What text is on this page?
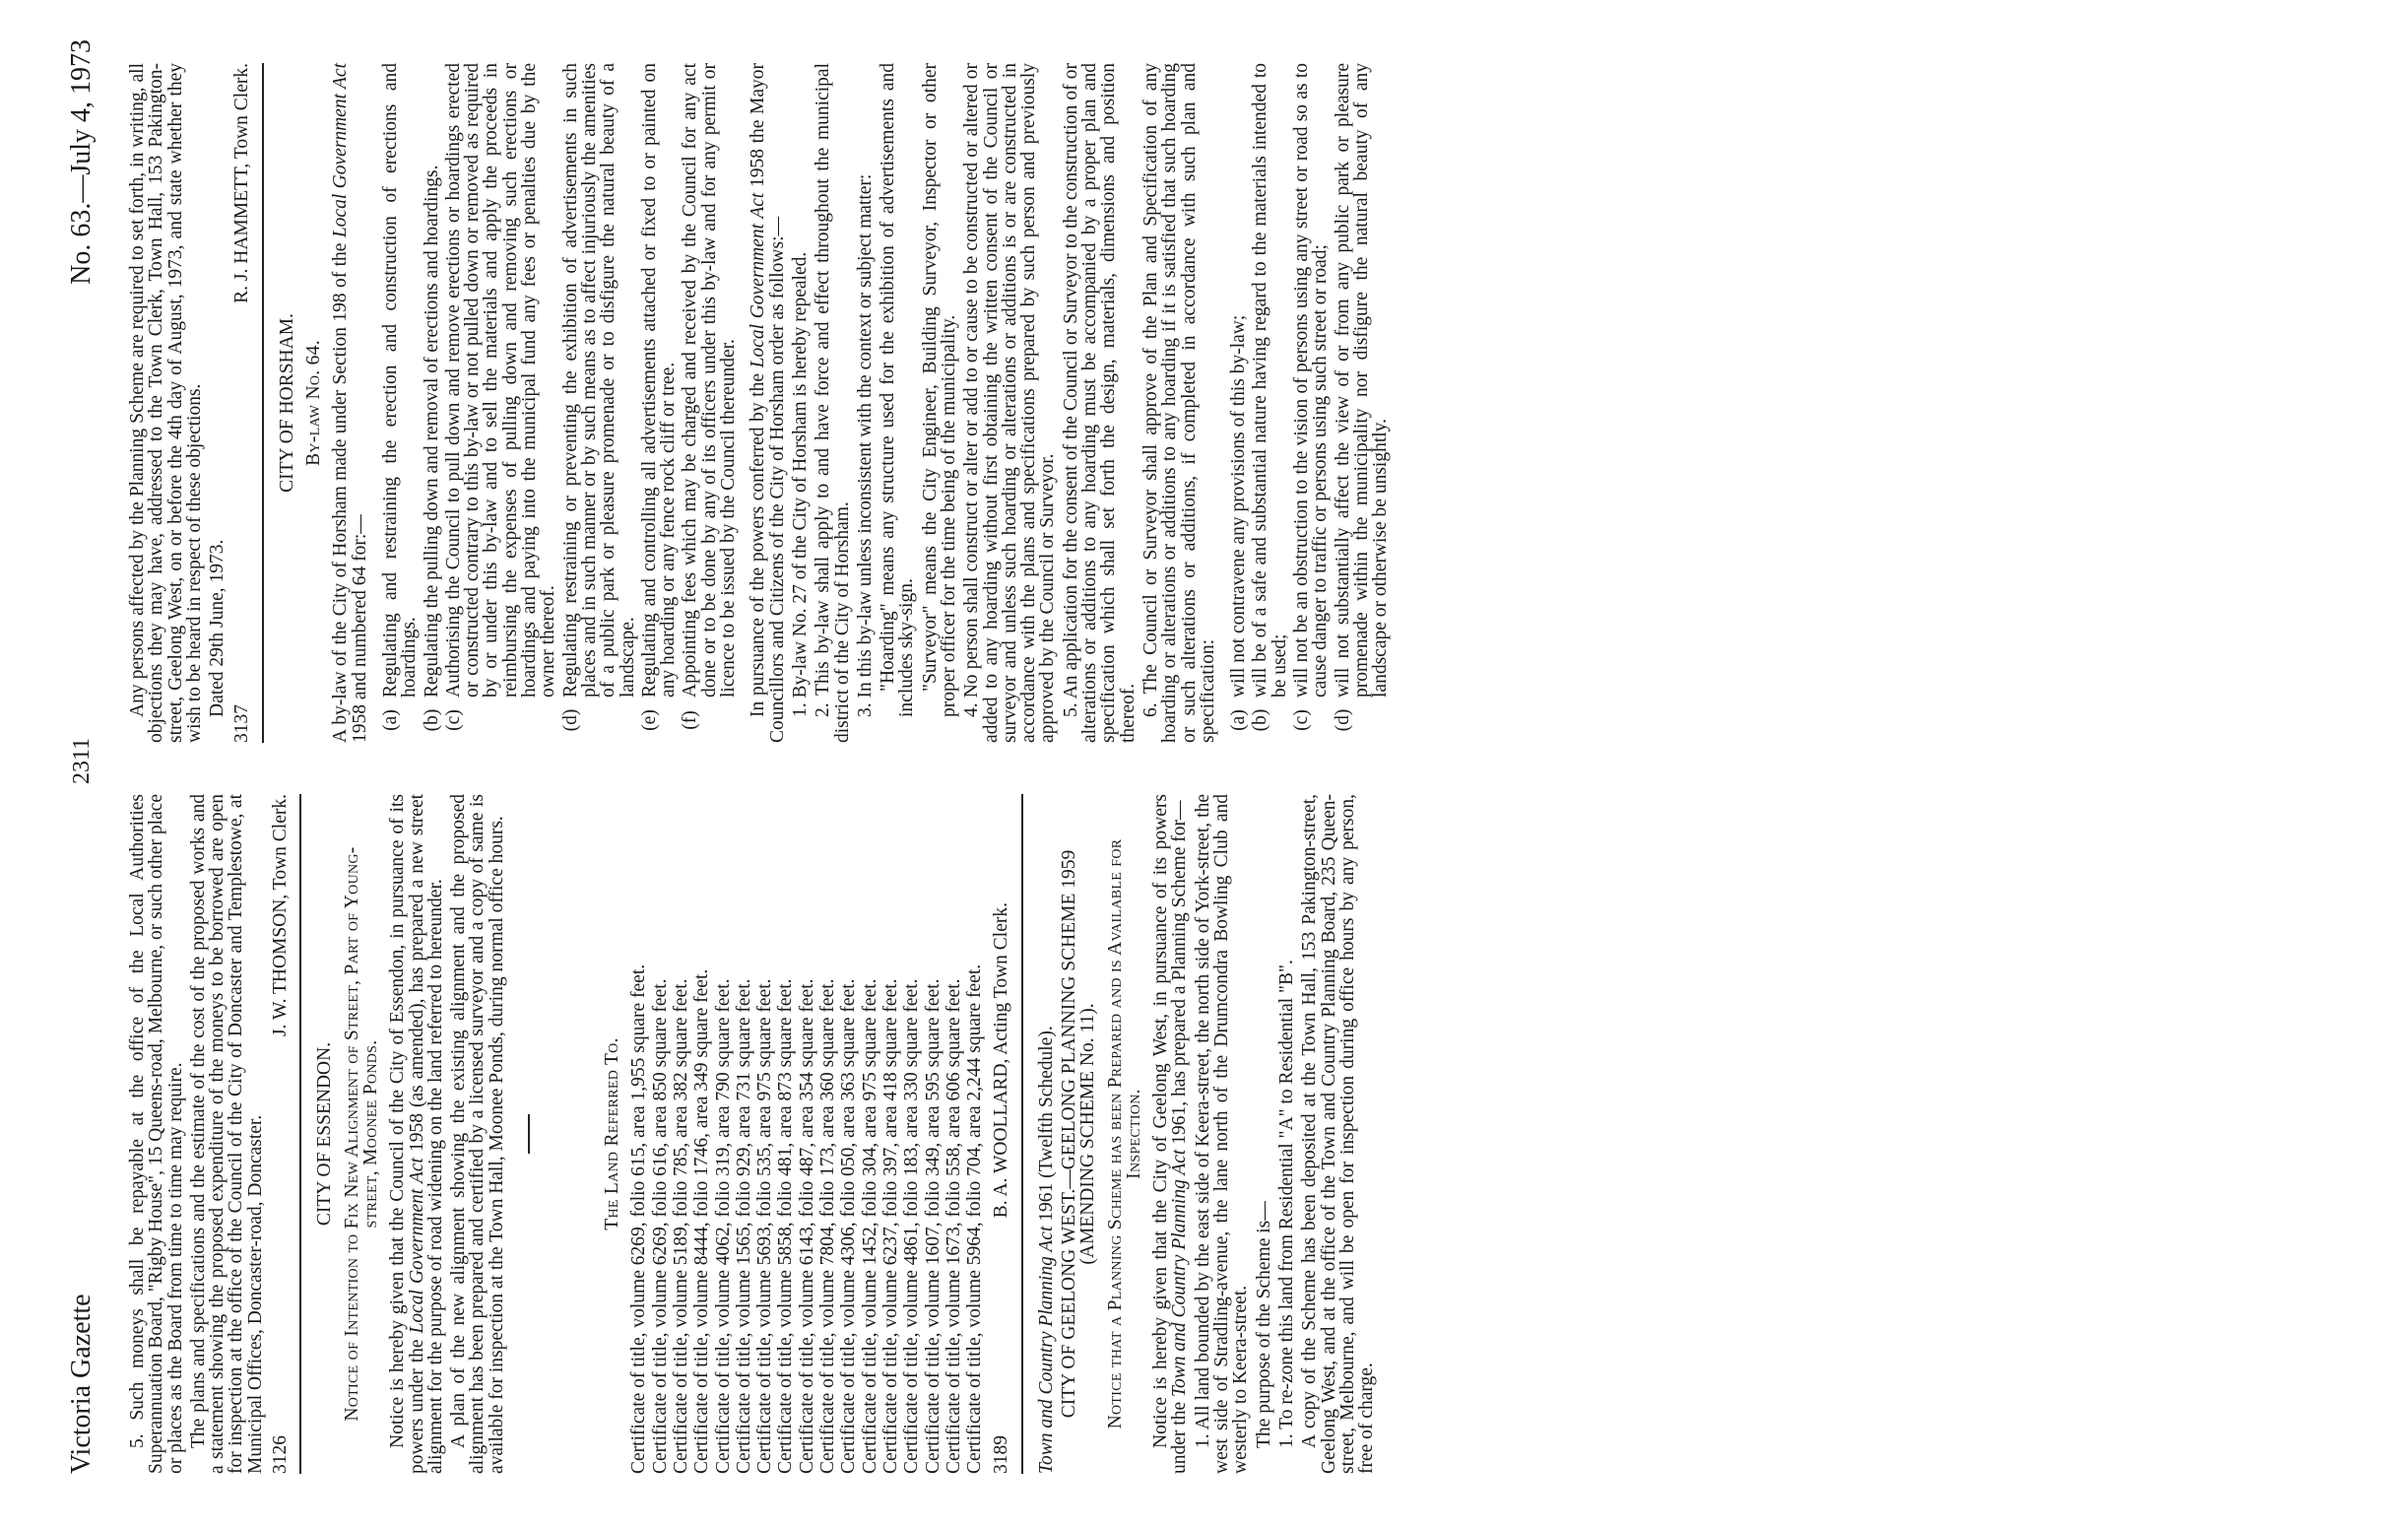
Victoria Gazette
2311
No. 63.—July 4, 1973

5. Such moneys shall be repayable at the office of the Local Authorities Superannuation Board, "Rigby House", 15 Queens-road, Melbourne, or such other place or places as the Board from time to time may require. The plans and specifications and the estimate of the cost of the proposed works and a statement showing the proposed expenditure of the moneys to be borrowed are open for inspection at the office of the Council of the City of Doncaster and Templestowe, at Municipal Offices, Doncaster-road, Doncaster. 3126
J. W. THOMSON, Town Clerk.
CITY OF ESSENDON. Notice of Intention to Fix New Alignment of Street, Part of Young-street, Moonee Ponds. Notice is hereby given that the Council of the City of Essendon, in pursuance of its powers under the Local Government Act 1958 (as amended), has prepared a new street alignment for the purpose of road widening on the land referred to hereunder. A plan of the new alignment showing the existing alignment and the proposed alignment has been prepared and certified by a licensed surveyor and a copy of same is available for inspection at the Town Hall, Moonee Ponds, during normal office hours.	The Land Referred To. Certificate of title, volume 6269, folio 615, area 1,955 square feet. Certificate of title, volume 6269, folio 616, area 850 square feet. Certificate of title, volume 5189, folio 785, area 382 square feet. Certificate of title, volume 8444, folio 1746, area 349 square feet. Certificate of title, volume 4062, folio 319, area 790 square feet. Certificate of title, volume 1565, folio 929, area 731 square feet. Certificate of title, volume 5693, folio 535, area 975 square feet. Certificate of title, volume 5858, folio 481, area 873 square feet. Certificate of title, volume 6143, folio 487, area 354 square feet. Certificate of title, volume 7804, folio 173, area 360 square feet. Certificate of title, volume 4306, folio 050, area 363 square feet. Certificate of title, volume 1452, folio 304, area 975 square feet. Certificate of title, volume 6237, folio 397, area 418 square feet. Certificate of title, volume 4861, folio 183, area 330 square feet. Certificate of title, volume 1607, folio 349, area 595 square feet. Certificate of title, volume 1673, folio 558, area 606 square feet. Certificate of title, volume 5964, folio 704, area 2,244 square feet. 3189
B. A. WOOLLARD, Acting Town Clerk.

Town and Country Planning Act 1961 (Twelfth Schedule). CITY OF GEELONG WEST.—GEELONG PLANNING SCHEME 1959 (AMENDING SCHEME No. 11). Notice that a Planning Scheme has been Prepared and is Available for Inspection. Notice is hereby given that the City of Geelong West, in pursuance of its powers under the Town and Country Planning Act 1961, has prepared a Planning Scheme for— 1. All land bounded by the east side of Keera-street, the north side of York-street, the west side of Stradling-avenue, the lane north of the Drumcondra Bowling Club and westerly to Keera-street. The purpose of the Scheme is— 1. To re-zone this land from Residential "A" to Residential "B". A copy of the Scheme has been deposited at the Town Hall, 153 Pakington-street, Geelong West, and at the office of the Town and Country Planning Board, 235 Queen-street, Melbourne, and will be open for inspection during office hours by any person, free of charge.

Any persons affected by the Planning Scheme are required to set forth, in writing, all objections they may have, addressed to the Town Clerk, Town Hall, 153 Pakington-street, Geelong West, on or before the 4th day of August, 1973, and state whether they wish to be heard in respect of these objections. Dated 29th June, 1973.

3137
R. J. HAMMETT, Town Clerk.
CITY OF HORSHAM. By-law No. 64. A by-law of the City of Horsham made under Section 198 of the Local Government Act 1958 and numbered 64 for:— (a)
Regulating and restraining the erection and construction of erections and hoardings.
(b)
Regulating the pulling down and removal of erections and hoardings.
(c)
Authorising the Council to pull down and remove erections or hoardings erected or constructed contrary to this by-law or not pulled down or removed as required by or under this by-law and to sell the materials and apply the proceeds in reimbursing the expenses of pulling down and removing such erections or hoardings and paying into the municipal fund any fees or penalties due by the owner thereof.
(d)
Regulating restraining or preventing the exhibition of advertisements in such places and in such manner or by such means as to affect injuriously the amenities of a public park or pleasure promenade or to disfigure the natural beauty of a landscape.
(e)
Regulating and controlling all advertisements attached or fixed to or painted on any hoarding or any fence rock cliff or tree.
(f)
Appointing fees which may be charged and received by the Council for any act done or to be done by any of its officers under this by-law and for any permit or licence to be issued by the Council thereunder. In pursuance of the powers conferred by the Local Government Act 1958 the Mayor Councillors and Citizens of the City of Horsham order as follows:— 1. By-law No. 27 of the City of Horsham is hereby repealed. 2. This by-law shall apply to and have force and effect throughout the municipal district of the City of Horsham. 3. In this by-law unless inconsistent with the context or subject matter: "Hoarding" means any structure used for the exhibition of advertisements and includes sky-sign. "Surveyor" means the City Engineer, Building Surveyor, Inspector or other proper officer for the time being of the municipality. 4. No person shall construct or alter or add to or cause to be constructed or altered or added to any hoarding without first obtaining the written consent of the Council or surveyor and unless such hoarding or alterations or additions is or are constructed in accordance with the plans and specifications prepared by such person and previously approved by the Council or Surveyor. 5. An application for the consent of the Council or Surveyor to the construction of or alterations or additions to any hoarding must be accompanied by a proper plan and specification which shall set forth the design, materials, dimensions and position thereof. 6. The Council or Surveyor shall approve of the Plan and Specification of any hoarding or alterations or additions to any hoarding if it is satisfied that such hoarding or such alterations or additions, if completed in accordance with such plan and specification: (a)
will not contravene any provisions of this by-law;
(b)
will be of a safe and substantial nature having regard to the materials intended to be used;
(c)
will not be an obstruction to the vision of persons using any street or road so as to cause danger to traffic or persons using such street or road;
(d)
will not substantially affect the view of or from any public park or pleasure promenade within the municipality nor disfigure the natural beauty of any landscape or otherwise be unsightly.
